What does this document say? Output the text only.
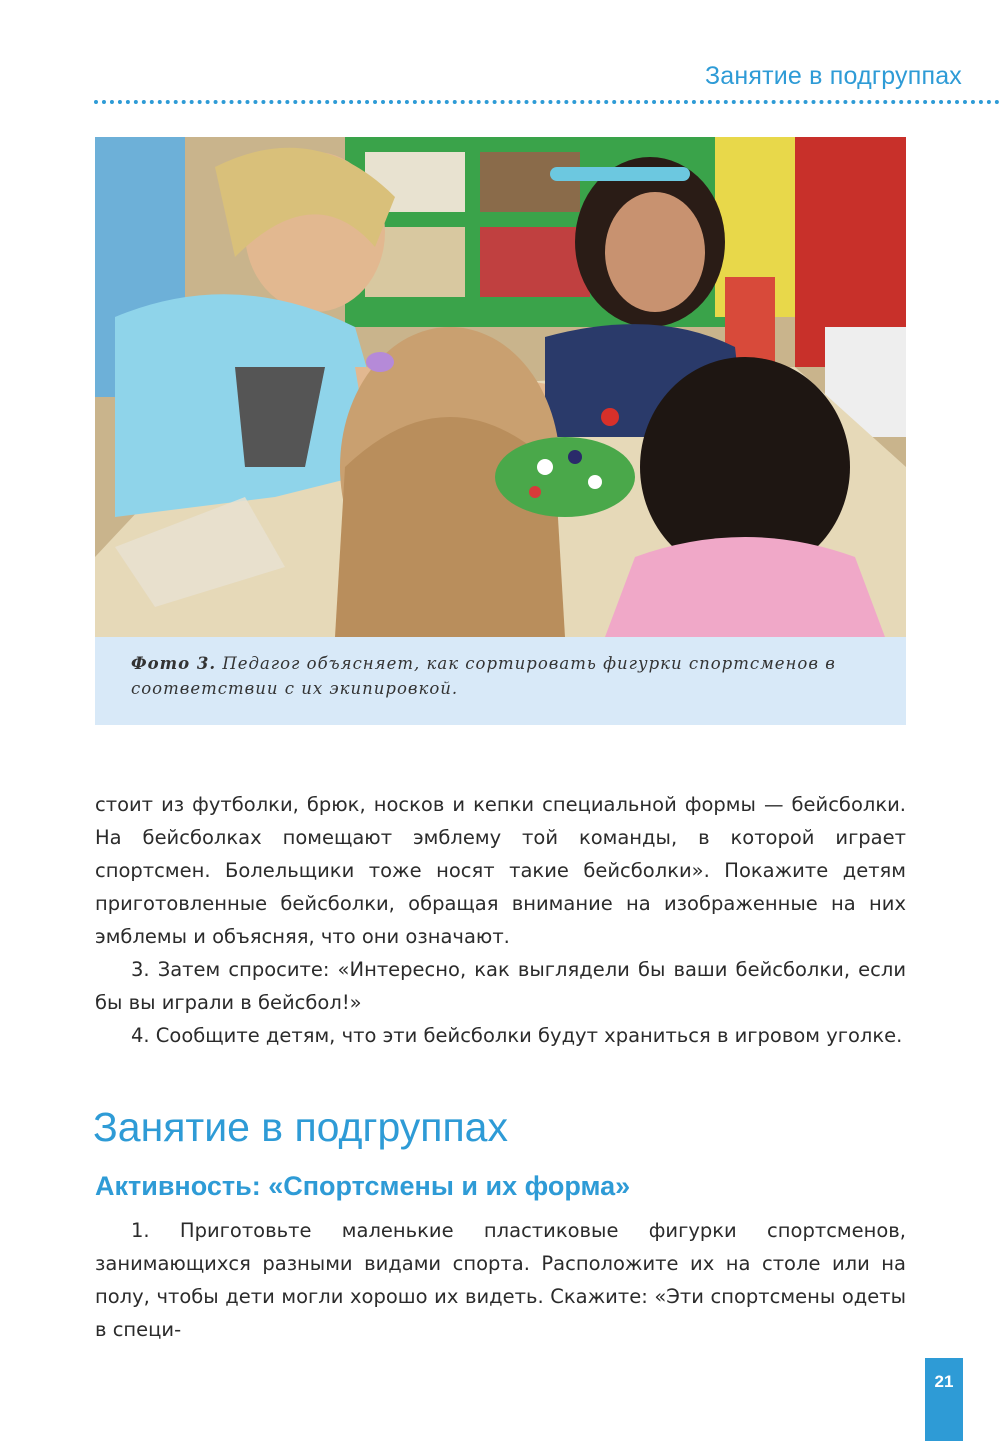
Занятие в подгруппах
Фото 3. Педагог объясняет, как сортировать фигурки спортсменов в соответствии с их экипировкой.

стоит из футболки, брюк, носков и кепки специальной формы — бейсболки. На бейсболках помещают эмблему той команды, в которой играет спортсмен. Болельщики тоже носят такие бейсболки». Покажите детям приготовленные бейсболки, обращая внимание на изображенные на них эмблемы и объясняя, что они означают.

3. Затем спросите: «Интересно, как выглядели бы ваши бейсболки, если бы вы играли в бейсбол!»

4. Сообщите детям, что эти бейсболки будут храниться в игровом уголке.

Занятие в подгруппах
Активность: «Спортсмены и их форма»

1. Приготовьте маленькие пластиковые фигурки спортсменов, занимающихся разными видами спорта. Расположите их на столе или на полу, чтобы дети могли хорошо их видеть. Скажите: «Эти спортсмены одеты в специ-

21
